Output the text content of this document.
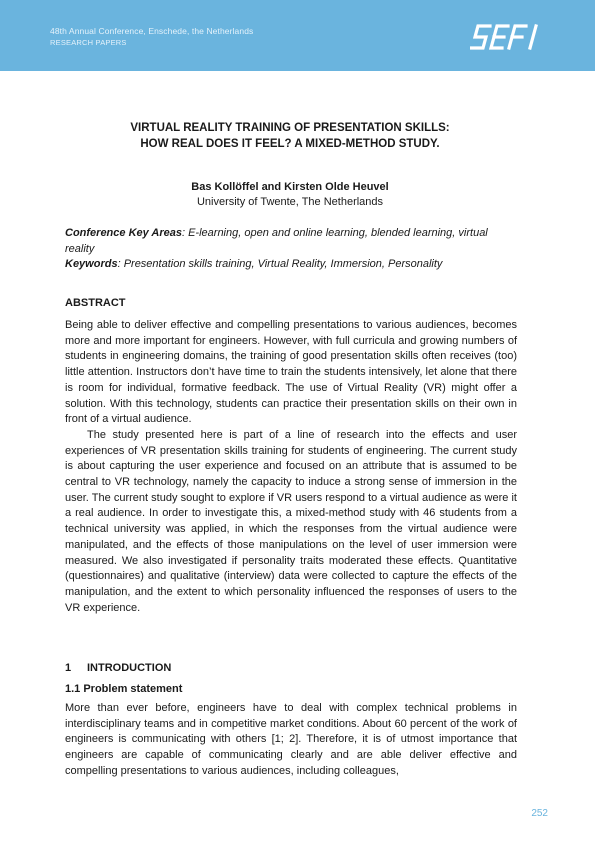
48th Annual Conference, Enschede, the Netherlands
RESEARCH PAPERS
SEFI
VIRTUAL REALITY TRAINING OF PRESENTATION SKILLS:
HOW REAL DOES IT FEEL? A MIXED-METHOD STUDY.
Bas Kollöffel and Kirsten Olde Heuvel
University of Twente, The Netherlands
Conference Key Areas: E-learning, open and online learning, blended learning, virtual reality
Keywords: Presentation skills training, Virtual Reality, Immersion, Personality
ABSTRACT

Being able to deliver effective and compelling presentations to various audiences, becomes more and more important for engineers. However, with full curricula and growing numbers of students in engineering domains, the training of good presentation skills often receives (too) little attention. Instructors don’t have time to train the students intensively, let alone that there is room for individual, formative feedback. The use of Virtual Reality (VR) might offer a solution. With this technology, students can practice their presentation skills on their own in front of a virtual audience.

The study presented here is part of a line of research into the effects and user experiences of VR presentation skills training for students of engineering. The current study is about capturing the user experience and focused on an attribute that is assumed to be central to VR technology, namely the capacity to induce a strong sense of immersion in the user. The current study sought to explore if VR users respond to a virtual audience as were it a real audience. In order to investigate this, a mixed-method study with 46 students from a technical university was applied, in which the responses from the virtual audience were manipulated, and the effects of those manipulations on the level of user immersion were measured. We also investigated if personality traits moderated these effects. Quantitative (questionnaires) and qualitative (interview) data were collected to capture the effects of the manipulation, and the extent to which personality influenced the responses of users to the VR experience.

1 INTRODUCTION
1.1 Problem statement

More than ever before, engineers have to deal with complex technical problems in interdisciplinary teams and in competitive market conditions. About 60 percent of the work of engineers is communicating with others [1; 2]. Therefore, it is of utmost importance that engineers are capable of communicating clearly and are able deliver effective and compelling presentations to various audiences, including colleagues,

252
